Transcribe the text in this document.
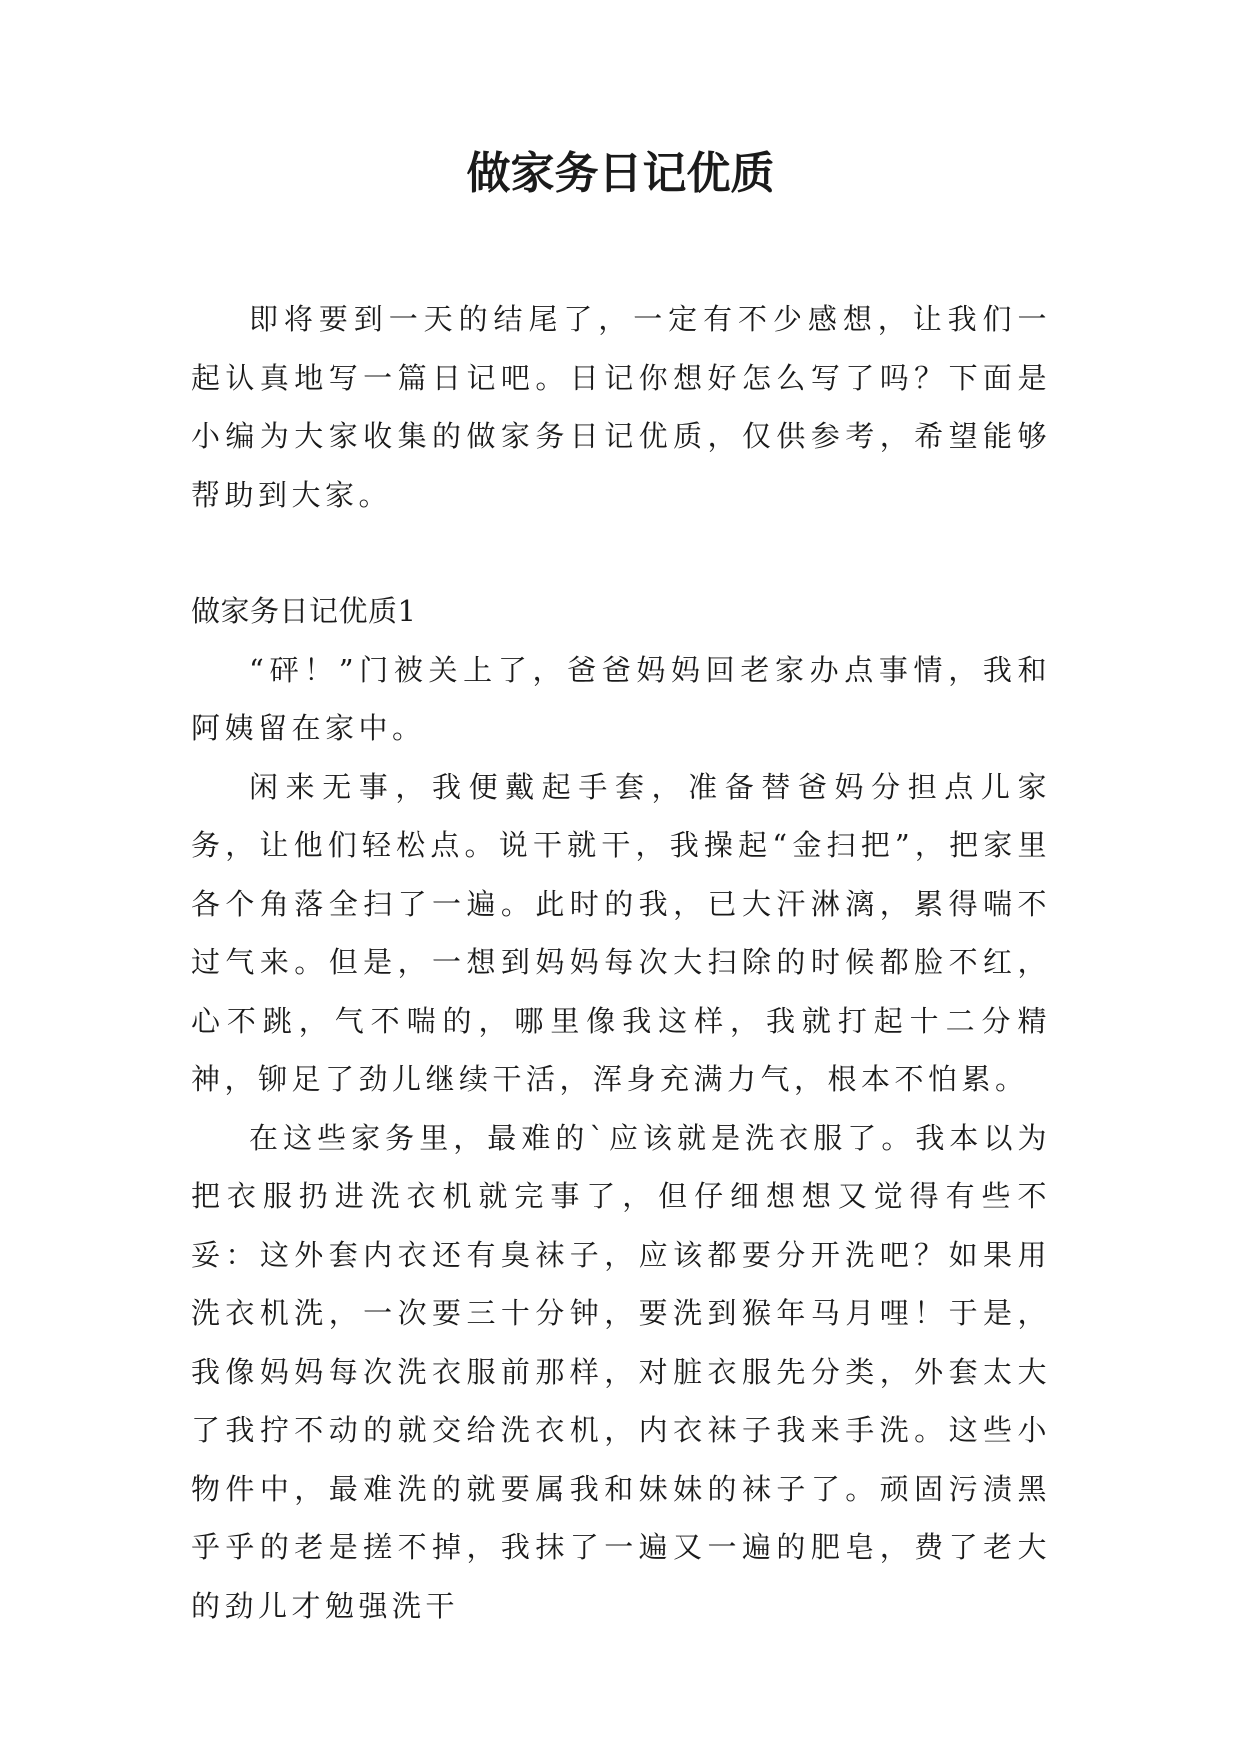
做家务日记优质

即将要到一天的结尾了，一定有不少感想，让我们一起认真地写一篇日记吧。日记你想好怎么写了吗？下面是小编为大家收集的做家务日记优质，仅供参考，希望能够帮助到大家。

做家务日记优质1

“砰！”门被关上了，爸爸妈妈回老家办点事情，我和阿姨留在家中。

闲来无事，我便戴起手套，准备替爸妈分担点儿家务，让他们轻松点。说干就干，我操起“金扫把”，把家里各个角落全扫了一遍。此时的我，已大汗淋漓，累得喘不过气来。但是，一想到妈妈每次大扫除的时候都脸不红，心不跳，气不喘的，哪里像我这样，我就打起十二分精神，铆足了劲儿继续干活，浑身充满力气，根本不怕累。

在这些家务里，最难的`应该就是洗衣服了。我本以为把衣服扔进洗衣机就完事了，但仔细想想又觉得有些不妥：这外套内衣还有臭袜子，应该都要分开洗吧？如果用洗衣机洗，一次要三十分钟，要洗到猴年马月哩！于是，我像妈妈每次洗衣服前那样，对脏衣服先分类，外套太大了我拧不动的就交给洗衣机，内衣袜子我来手洗。这些小物件中，最难洗的就要属我和妹妹的袜子了。顽固污渍黑乎乎的老是搓不掉，我抹了一遍又一遍的肥皂，费了老大的劲儿才勉强洗干
